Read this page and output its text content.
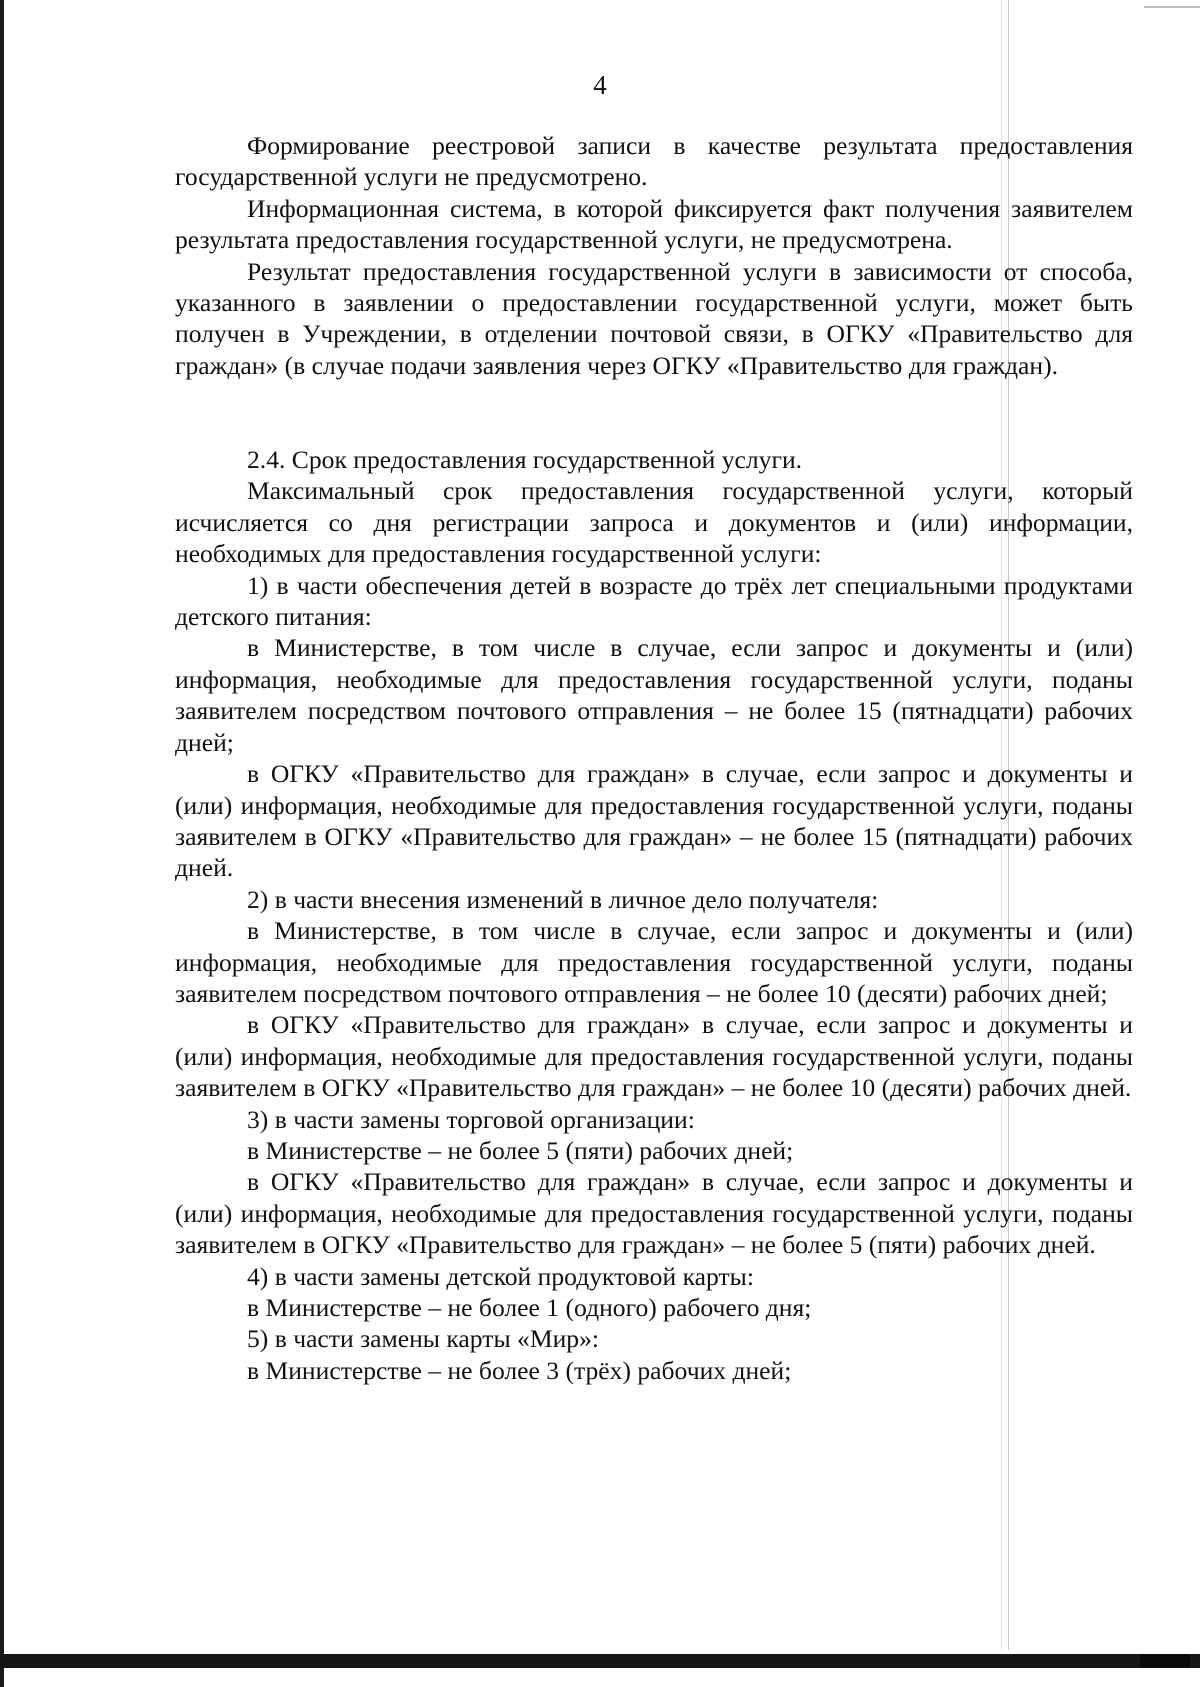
4

Формирование реестровой записи в качестве результата предоставления государственной услуги не предусмотрено.

Информационная система, в которой фиксируется факт получения заявителем результата предоставления государственной услуги, не предусмотрена.

Результат предоставления государственной услуги в зависимости от способа, указанного в заявлении о предоставлении государственной услуги, может быть получен в Учреждении, в отделении почтовой связи, в ОГКУ «Правительство для граждан» (в случае подачи заявления через ОГКУ «Правительство для граждан).

2.4. Срок предоставления государственной услуги.

Максимальный срок предоставления государственной услуги, который исчисляется со дня регистрации запроса и документов и (или) информации, необходимых для предоставления государственной услуги:

1) в части обеспечения детей в возрасте до трёх лет специальными продуктами детского питания:

в Министерстве, в том числе в случае, если запрос и документы и (или) информация, необходимые для предоставления государственной услуги, поданы заявителем посредством почтового отправления – не более 15 (пятнадцати) рабочих дней;

в ОГКУ «Правительство для граждан» в случае, если запрос и документы и (или) информация, необходимые для предоставления государственной услуги, поданы заявителем в ОГКУ «Правительство для граждан» – не более 15 (пятнадцати) рабочих дней.

2) в части внесения изменений в личное дело получателя:

в Министерстве, в том числе в случае, если запрос и документы и (или) информация, необходимые для предоставления государственной услуги, поданы заявителем посредством почтового отправления – не более 10 (десяти) рабочих дней;

в ОГКУ «Правительство для граждан» в случае, если запрос и документы и (или) информация, необходимые для предоставления государственной услуги, поданы заявителем в ОГКУ «Правительство для граждан» – не более 10 (десяти) рабочих дней.

3) в части замены торговой организации:

в Министерстве – не более 5 (пяти) рабочих дней;

в ОГКУ «Правительство для граждан» в случае, если запрос и документы и (или) информация, необходимые для предоставления государственной услуги, поданы заявителем в ОГКУ «Правительство для граждан» – не более 5 (пяти) рабочих дней.

4) в части замены детской продуктовой карты:

в Министерстве – не более 1 (одного) рабочего дня;

5) в части замены карты «Мир»:

в Министерстве – не более 3 (трёх) рабочих дней;
